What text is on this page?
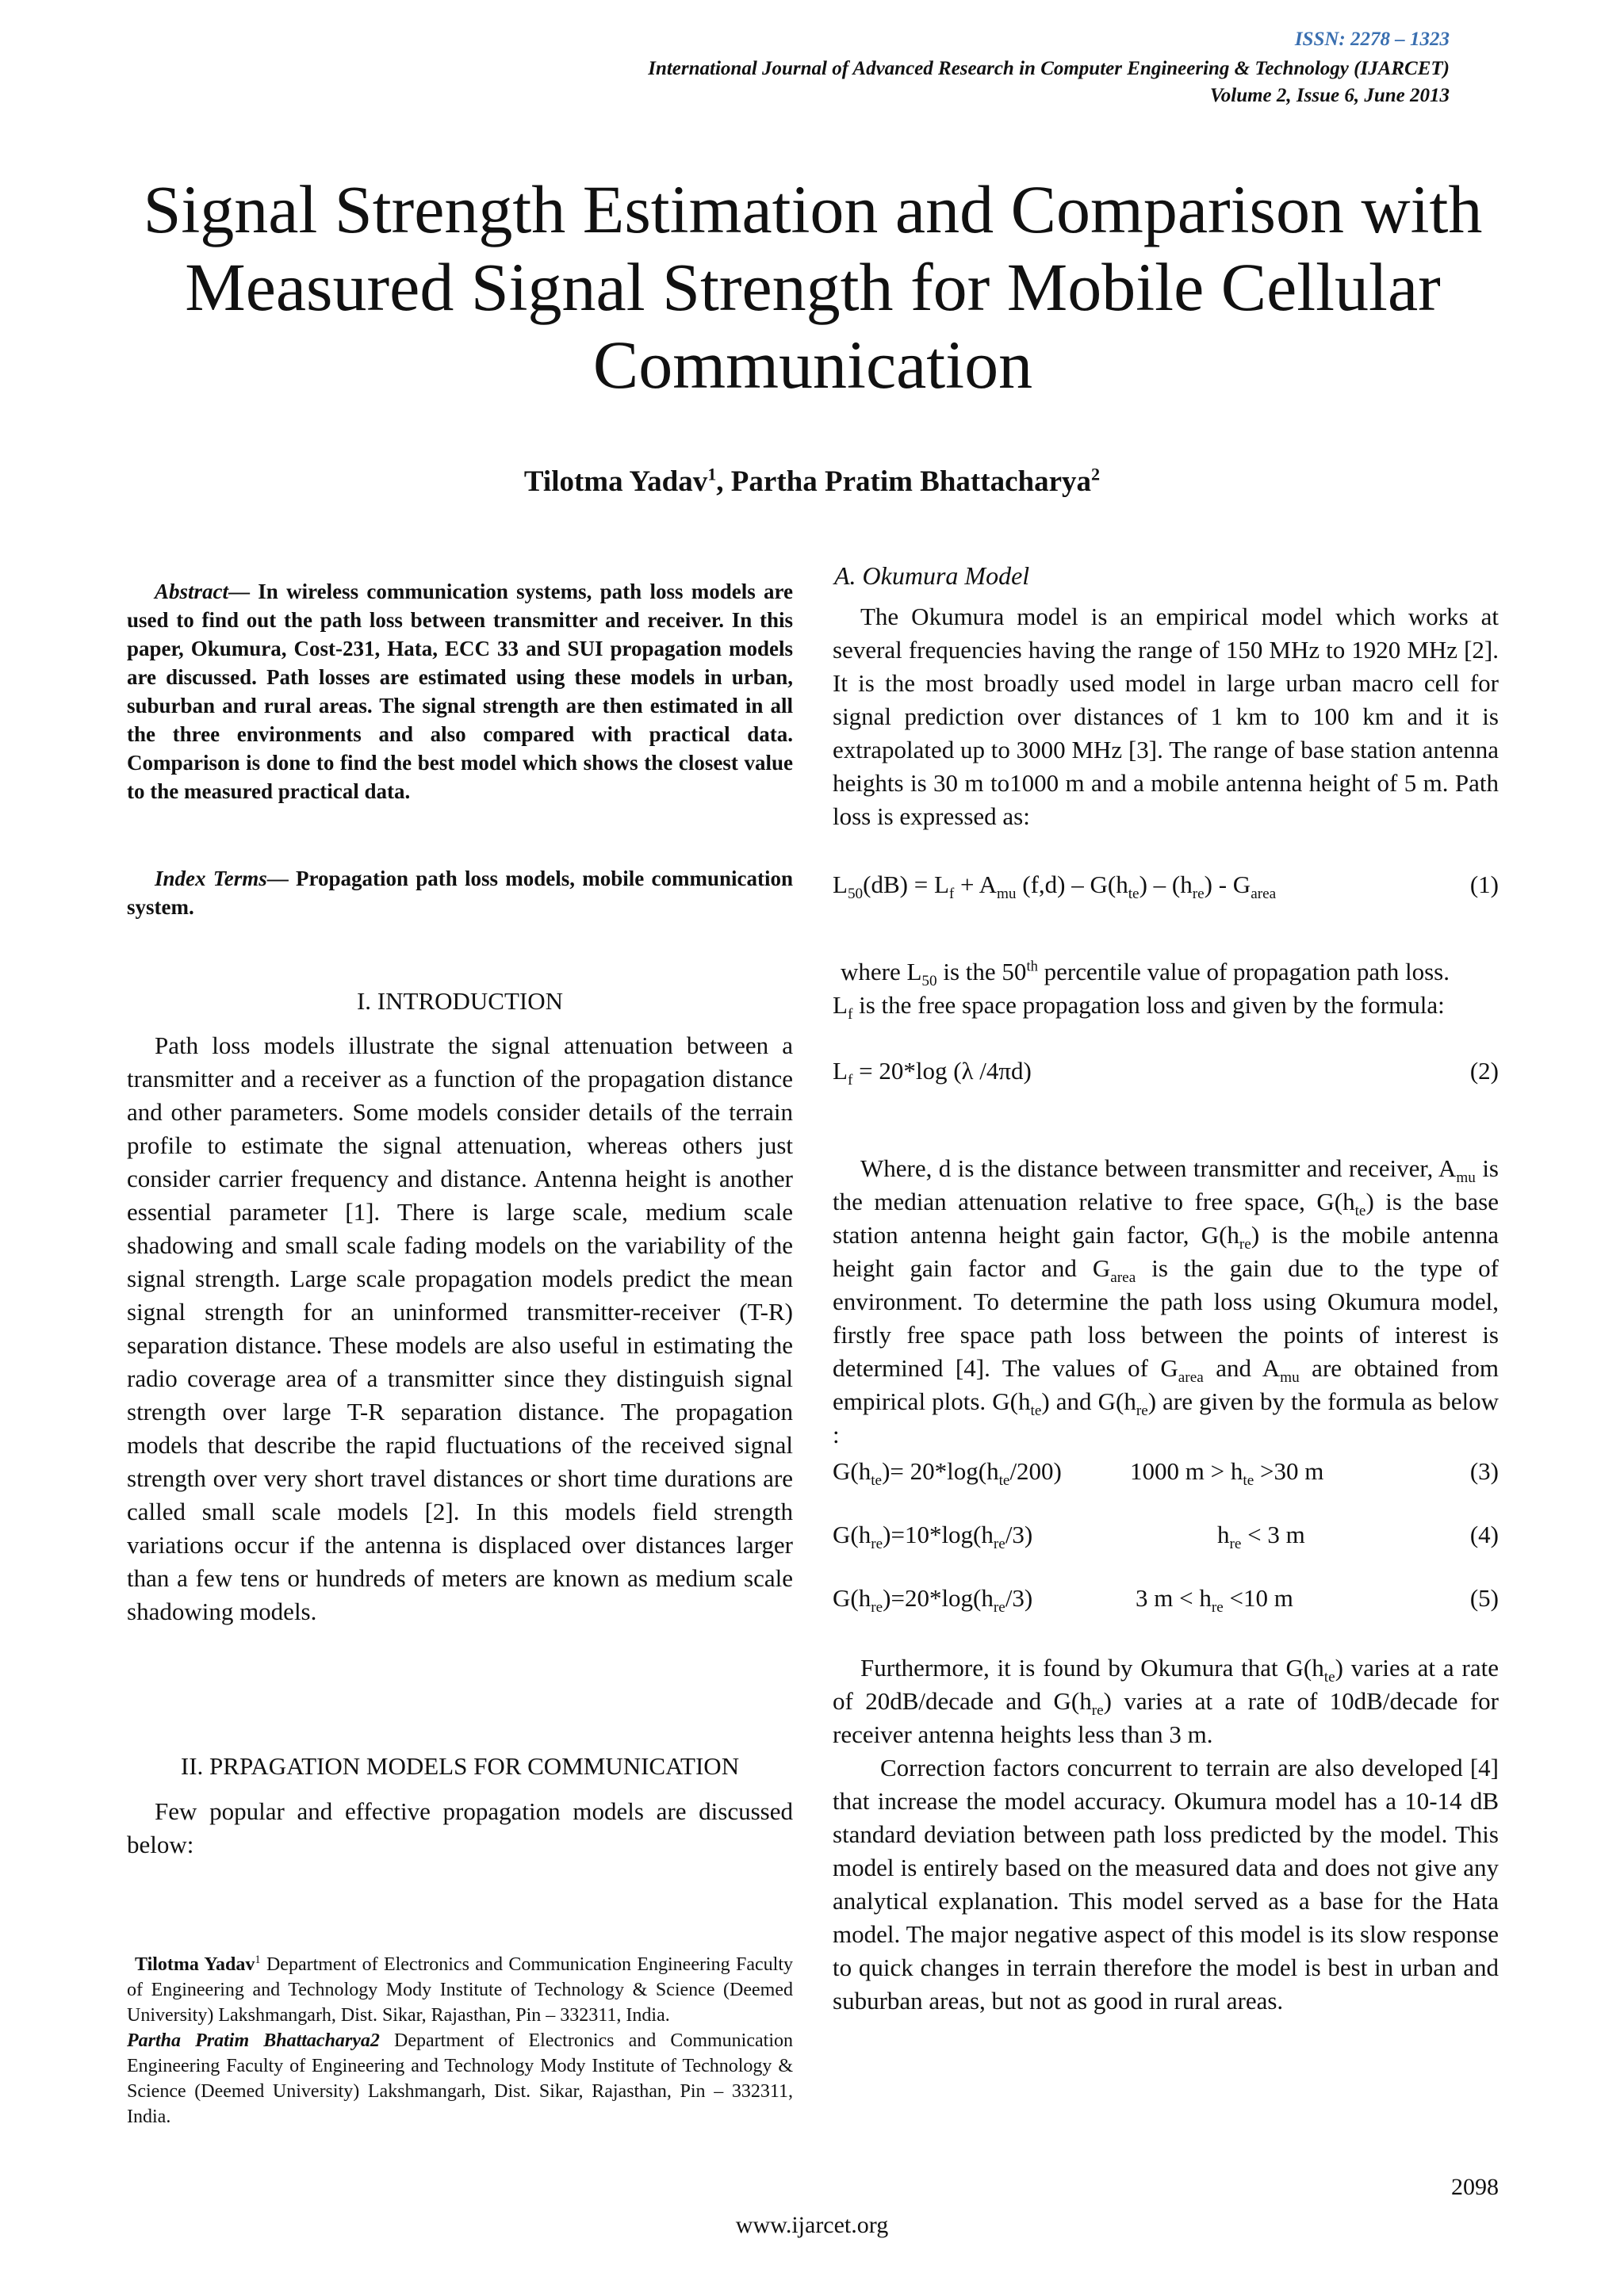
ISSN: 2278 – 1323
International Journal of Advanced Research in Computer Engineering & Technology (IJARCET)
Volume 2, Issue 6, June 2013
Signal Strength Estimation and Comparison with Measured Signal Strength for Mobile Cellular Communication
Tilotma Yadav$^1$, Partha Pratim Bhattacharya$^2$
Abstract— In wireless communication systems, path loss models are used to find out the path loss between transmitter and receiver. In this paper, Okumura, Cost-231, Hata, ECC 33 and SUI propagation models are discussed. Path losses are estimated using these models in urban, suburban and rural areas. The signal strength are then estimated in all the three environments and also compared with practical data. Comparison is done to find the best model which shows the closest value to the measured practical data.
Index Terms— Propagation path loss models, mobile communication system.
I. INTRODUCTION

Path loss models illustrate the signal attenuation between a transmitter and a receiver as a function of the propagation distance and other parameters. Some models consider details of the terrain profile to estimate the signal attenuation, whereas others just consider carrier frequency and distance. Antenna height is another essential parameter [1]. There is large scale, medium scale shadowing and small scale fading models on the variability of the signal strength. Large scale propagation models predict the mean signal strength for an uninformed transmitter-receiver (T-R) separation distance. These models are also useful in estimating the radio coverage area of a transmitter since they distinguish signal strength over large T-R separation distance. The propagation models that describe the rapid fluctuations of the received signal strength over very short travel distances or short time durations are called small scale models [2]. In this models field strength variations occur if the antenna is displaced over distances larger than a few tens or hundreds of meters are known as medium scale shadowing models.

II. PRPAGATION MODELS FOR COMMUNICATION

Few popular and effective propagation models are discussed below:

Tilotma Yadav$^1$ Department of Electronics and Communication Engineering Faculty of Engineering and Technology Mody Institute of Technology & Science (Deemed University) Lakshmangarh, Dist. Sikar, Rajasthan, Pin – 332311, India.

Partha Pratim Bhattacharya2 Department of Electronics and Communication Engineering Faculty of Engineering and Technology Mody Institute of Technology & Science (Deemed University) Lakshmangarh, Dist. Sikar, Rajasthan, Pin – 332311, India.

A. Okumura Model

The Okumura model is an empirical model which works at several frequencies having the range of 150 MHz to 1920 MHz [2]. It is the most broadly used model in large urban macro cell for signal prediction over distances of 1 km to 100 km and it is extrapolated up to 3000 MHz [3]. The range of base station antenna heights is 30 m to1000 m and a mobile antenna height of 5 m. Path loss is expressed as:

$L_{50}(dB) = L_f + A_{mu}$ $(f,d) - G(h_{te}) - (h_{re}) - G_{area}$	(1)
where $L_{50}$ is the 50th percentile value of propagation path loss.
$L_f$ is the free space propagation loss and given by the formula:
$L_f = 20*\log$ (λ /4πd)	(2)

Where, d is the distance between transmitter and receiver, $A_{mu}$ is the median attenuation relative to free space, $G(h_{te})$ is the base station antenna height gain factor, $G(h_{re})$ is the mobile antenna height gain factor and $G_{area}$ is the gain due to the type of environment. To determine the path loss using Okumura model, firstly free space path loss between the points of interest is determined [4]. The values of $G_{area}$ and $A_{mu}$ are obtained from empirical plots. $G(h_{te})$ and $G(h_{re})$ are given by the formula as below :

$G(h_{te})= 20*\log(h_{te}/200)$	1000 $m > h_{te} >30$ m	(3)
$G(h_{re})=10*\log(h_{re}/3)$	$h_{re} < 3$ m	(4)
$G(h_{re})=20*\log(h_{re}/3)$	3 $m < h_{re} <10$ m	(5)

Furthermore, it is found by Okumura that $G(h_{te})$ varies at a rate of 20dB/decade and $G(h_{re})$ varies at a rate of 10dB/decade for receiver antenna heights less than 3 m.

Correction factors concurrent to terrain are also developed [4] that increase the model accuracy. Okumura model has a 10-14 dB standard deviation between path loss predicted by the model. This model is entirely based on the measured data and does not give any analytical explanation. This model served as a base for the Hata model. The major negative aspect of this model is its slow response to quick changes in terrain therefore the model is best in urban and suburban areas, but not as good in rural areas.

2098
www.ijarcet.org
